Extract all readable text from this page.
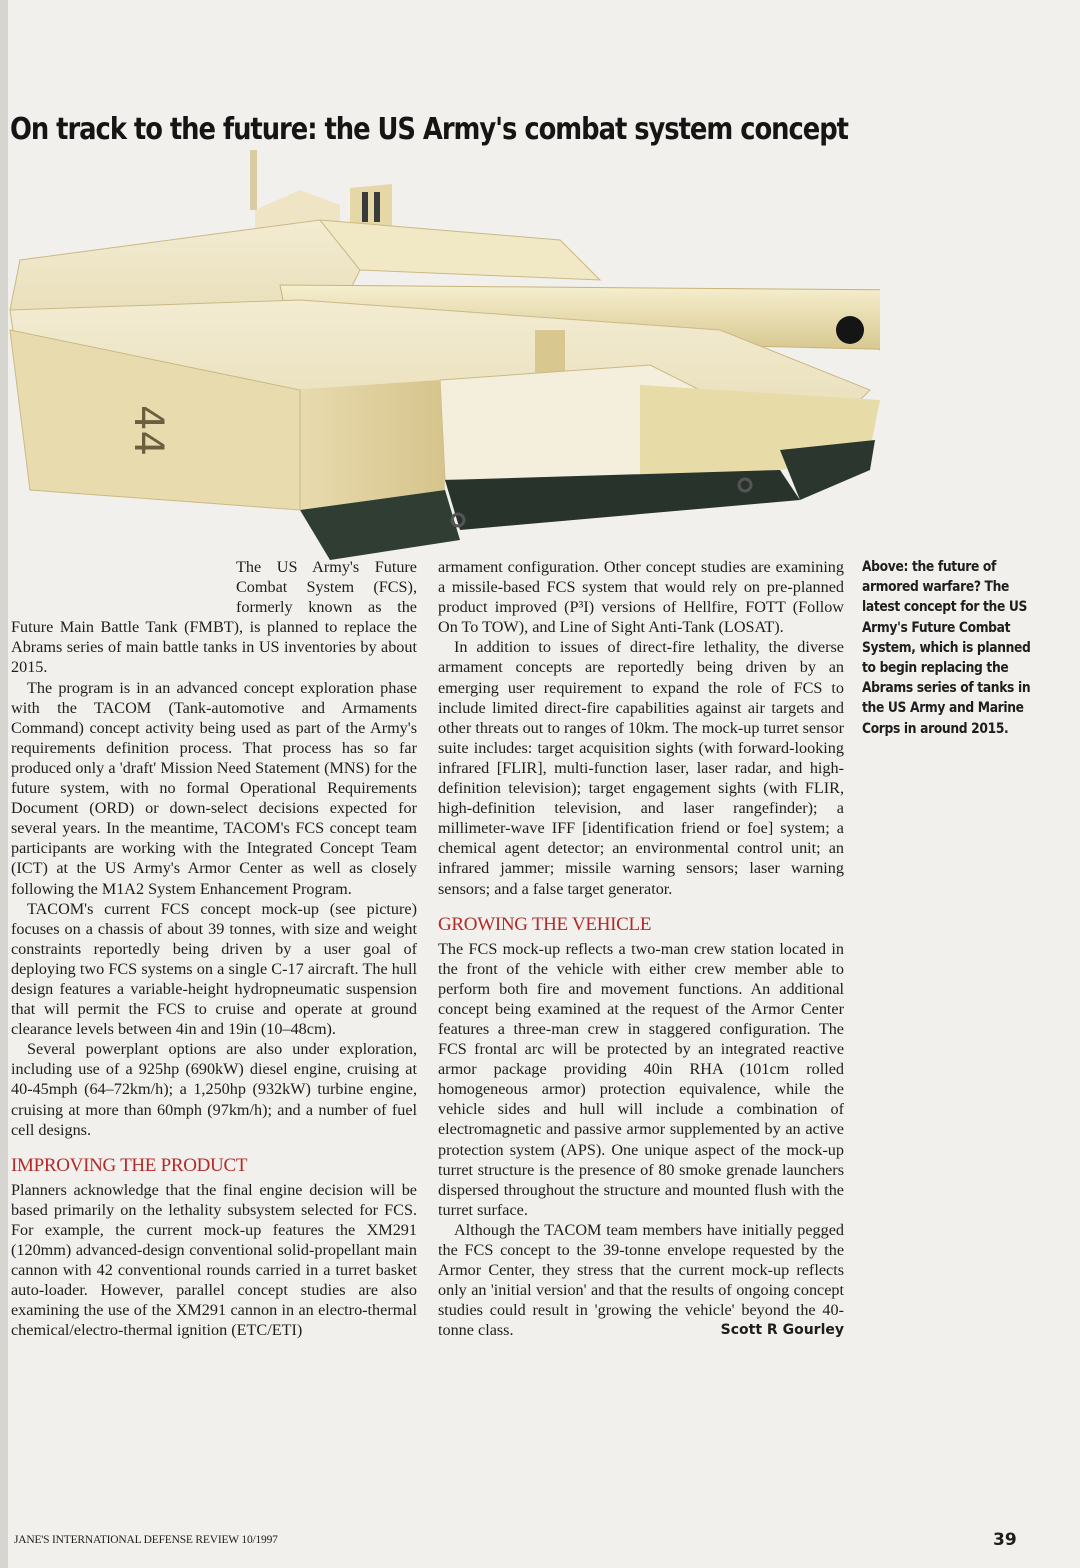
On track to the future: the US Army's combat system concept
44

The US Army's Future Combat System (FCS), formerly known as the Future Main Battle Tank (FMBT), is planned to replace the Abrams series of main battle tanks in US inventories by about 2015.

The program is in an advanced concept exploration phase with the TACOM (Tank-automotive and Armaments Command) concept activity being used as part of the Army's requirements definition process. That process has so far produced only a 'draft' Mission Need Statement (MNS) for the future system, with no formal Operational Requirements Document (ORD) or down-select decisions expected for several years. In the meantime, TACOM's FCS concept team participants are working with the Integrated Concept Team (ICT) at the US Army's Armor Center as well as closely following the M1A2 System Enhancement Program.

TACOM's current FCS concept mock-up (see picture) focuses on a chassis of about 39 tonnes, with size and weight constraints reportedly being driven by a user goal of deploying two FCS systems on a single C-17 aircraft. The hull design features a variable-height hydropneumatic suspension that will permit the FCS to cruise and operate at ground clearance levels between 4in and 19in (10–48cm).

Several powerplant options are also under exploration, including use of a 925hp (690kW) diesel engine, cruising at 40-45mph (64–72km/h); a 1,250hp (932kW) turbine engine, cruising at more than 60mph (97km/h); and a number of fuel cell designs.

IMPROVING THE PRODUCT

Planners acknowledge that the final engine decision will be based primarily on the lethality subsystem selected for FCS. For example, the current mock-up features the XM291 (120mm) advanced-design conventional solid-propellant main cannon with 42 conventional rounds carried in a turret basket auto-loader. However, parallel concept studies are also examining the use of the XM291 cannon in an electro-thermal chemical/electro-thermal ignition (ETC/ETI)

armament configuration. Other concept studies are examining a missile-based FCS system that would rely on pre-planned product improved (P³I) versions of Hellfire, FOTT (Follow On To TOW), and Line of Sight Anti-Tank (LOSAT).

In addition to issues of direct-fire lethality, the diverse armament concepts are reportedly being driven by an emerging user requirement to expand the role of FCS to include limited direct-fire capabilities against air targets and other threats out to ranges of 10km. The mock-up turret sensor suite includes: target acquisition sights (with forward-looking infrared [FLIR], multi-function laser, laser radar, and high-definition television); target engagement sights (with FLIR, high-definition television, and laser rangefinder); a millimeter-wave IFF [identification friend or foe] system; a chemical agent detector; an environmental control unit; an infrared jammer; missile warning sensors; laser warning sensors; and a false target generator.

GROWING THE VEHICLE

The FCS mock-up reflects a two-man crew station located in the front of the vehicle with either crew member able to perform both fire and movement functions. An additional concept being examined at the request of the Armor Center features a three-man crew in staggered configuration. The FCS frontal arc will be protected by an integrated reactive armor package providing 40in RHA (101cm rolled homogeneous armor) protection equivalence, while the vehicle sides and hull will include a combination of electromagnetic and passive armor supplemented by an active protection system (APS). One unique aspect of the mock-up turret structure is the presence of 80 smoke grenade launchers dispersed throughout the structure and mounted flush with the turret surface.

Although the TACOM team members have initially pegged the FCS concept to the 39-tonne envelope requested by the Armor Center, they stress that the current mock-up reflects only an 'initial version' and that the results of ongoing concept studies could result in 'growing the vehicle' beyond the 40-tonne class.	Scott R Gourley

Above: the future of armored warfare? The latest concept for the US Army's Future Combat System, which is planned to begin replacing the Abrams series of tanks in the US Army and Marine Corps in around 2015.
JANE'S INTERNATIONAL DEFENSE REVIEW 10/1997	39
